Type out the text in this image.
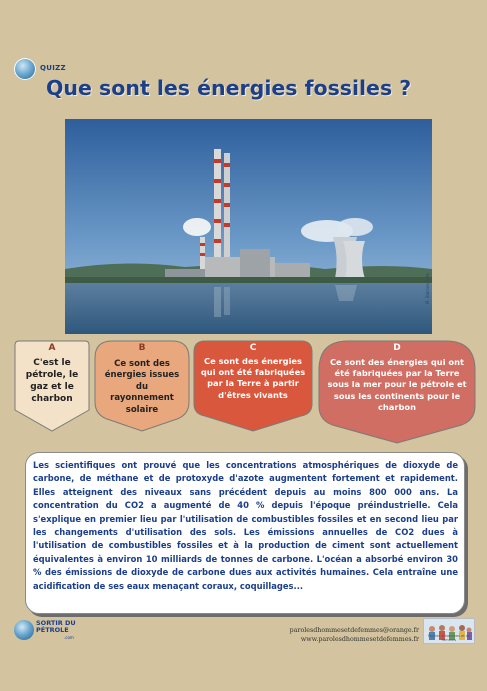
QUIZZ
Que sont les énergies fossiles ?
M. Balmes Rufe
A
C'est le pétrole, le gaz et le charbon
B
Ce sont des énergies issues du rayonnement solaire
C
Ce sont des énergies qui ont été fabriquées par la Terre à partir d'êtres vivants
D
Ce sont des énergies qui ont été fabriquées par la Terre sous la mer pour le pétrole et sous les continents pour le charbon

Les scientifiques ont prouvé que les concentrations atmosphériques de dioxyde de carbone, de méthane et de protoxyde d'azote augmentent fortement et rapidement. Elles atteignent des niveaux sans précédent depuis au moins 800 000 ans. La concentration du CO2 a augmenté de 40 % depuis l'époque préindustrielle. Cela s'explique en premier lieu par l'utilisation de combustibles fossiles et en second lieu par les changements d'utilisation des sols. Les émissions annuelles de CO2 dues à l'utilisation de combustibles fossiles et à la production de ciment sont actuellement équivalentes à environ 10 milliards de tonnes de carbone. L'océan a absorbé environ 30 % des émissions de dioxyde de carbone dues aux activités humaines. Cela entraîne une acidification de ses eaux menaçant coraux, coquillages...

SORTIR DU
PÉTROLE
.com
parolesdhommesetdefemmes@orange.fr
www.parolesdhommesetdefemmes.fr	Paroles d'hommes et de femmes
